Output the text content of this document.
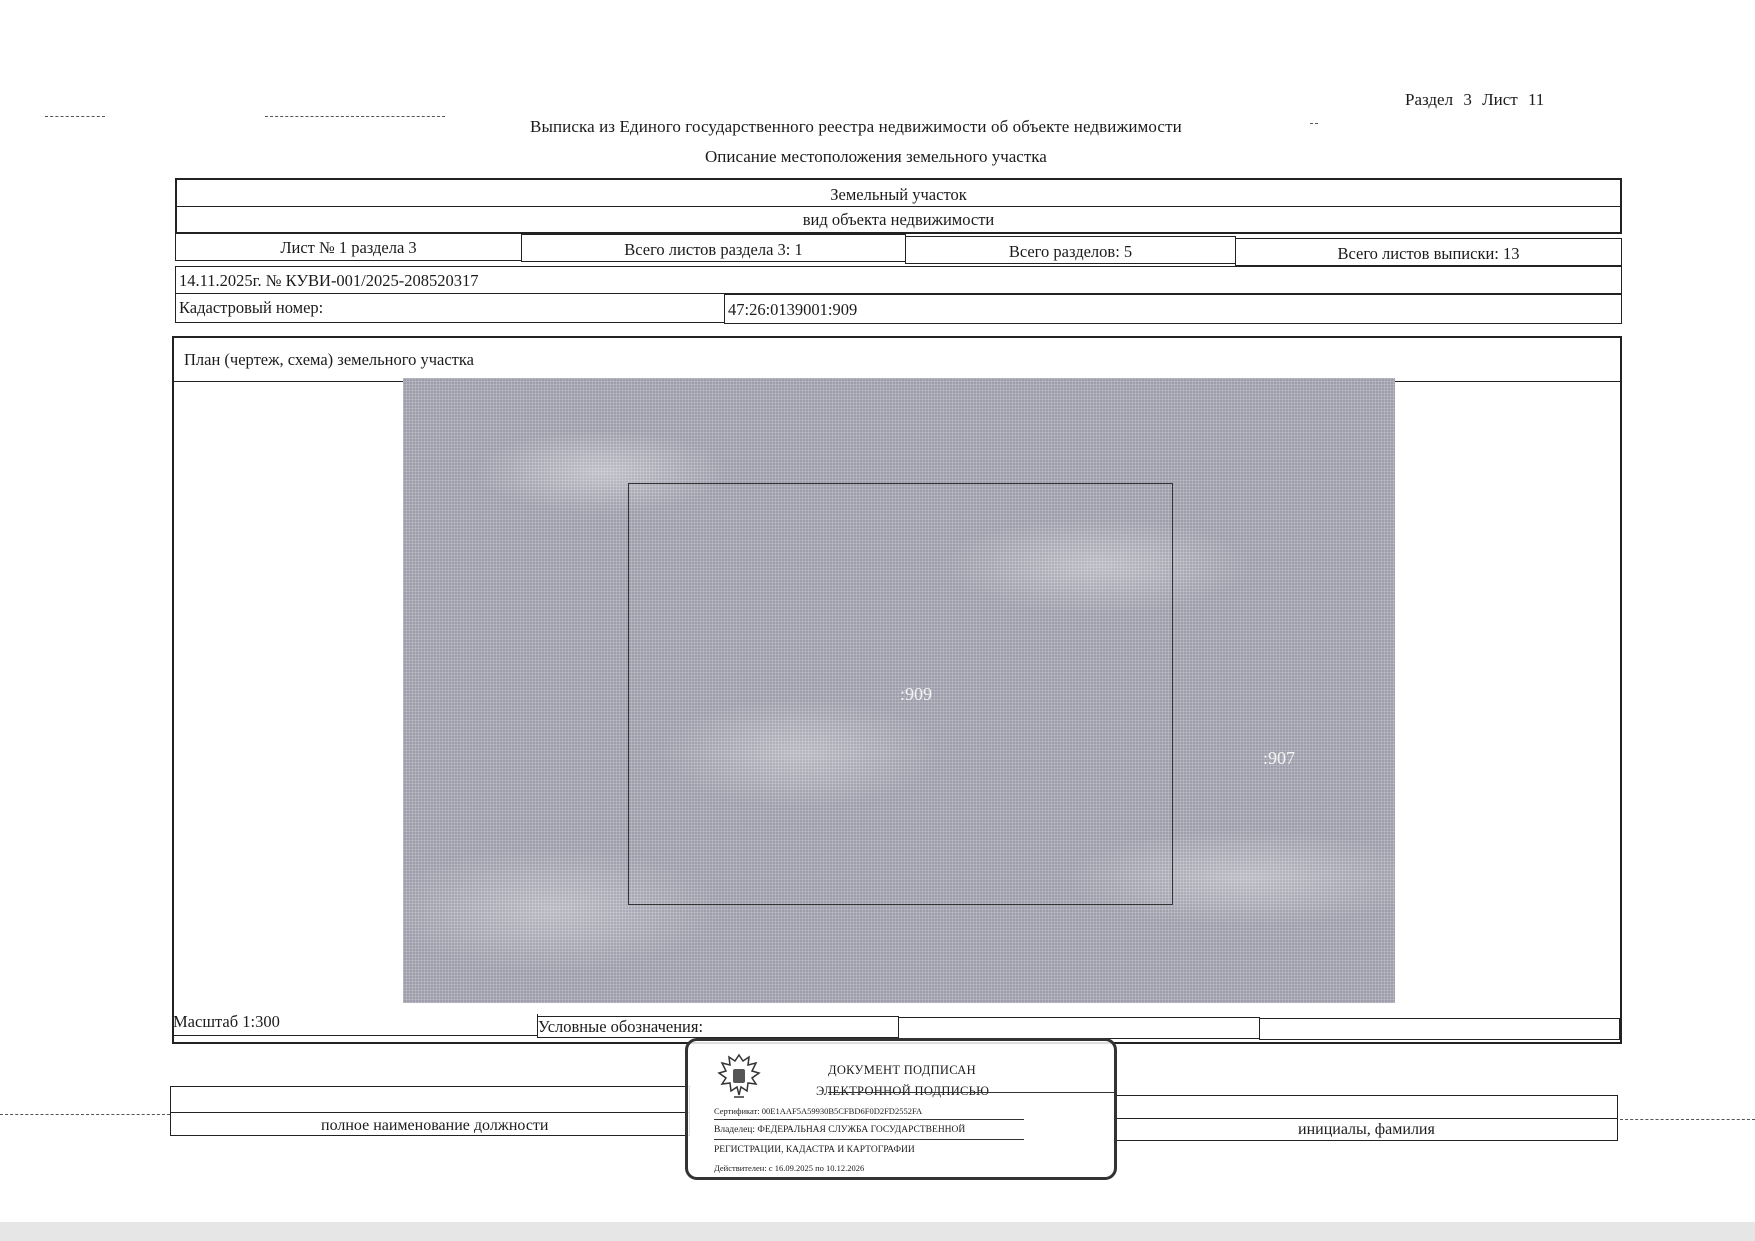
Раздел 3 Лист 11
Выписка из Единого государственного реестра недвижимости об объекте недвижимости
Описание местоположения земельного участка
Земельный участок
вид объекта недвижимости
Лист № 1 раздела 3	Всего листов раздела 3: 1	Всего разделов: 5	Всего листов выписки: 13
14.11.2025г. № КУВИ-001/2025-208520317
Кадастровый номер:	47:26:0139001:909
План (чертеж, схема) земельного участка
:909
:907
Масштаб 1:300	Условные обозначения:
полное наименование должности	инициалы, фамилия
ДОКУМЕНТ ПОДПИСАН
ЭЛЕКТРОННОЙ ПОДПИСЬЮ
Сертификат: 00E1AAF5A59930B5CFBD6F0D2FD2552FA
Владелец: ФЕДЕРАЛЬНАЯ СЛУЖБА ГОСУДАРСТВЕННОЙ
РЕГИСТРАЦИИ, КАДАСТРА И КАРТОГРАФИИ
Действителен: с 16.09.2025 по 10.12.2026
